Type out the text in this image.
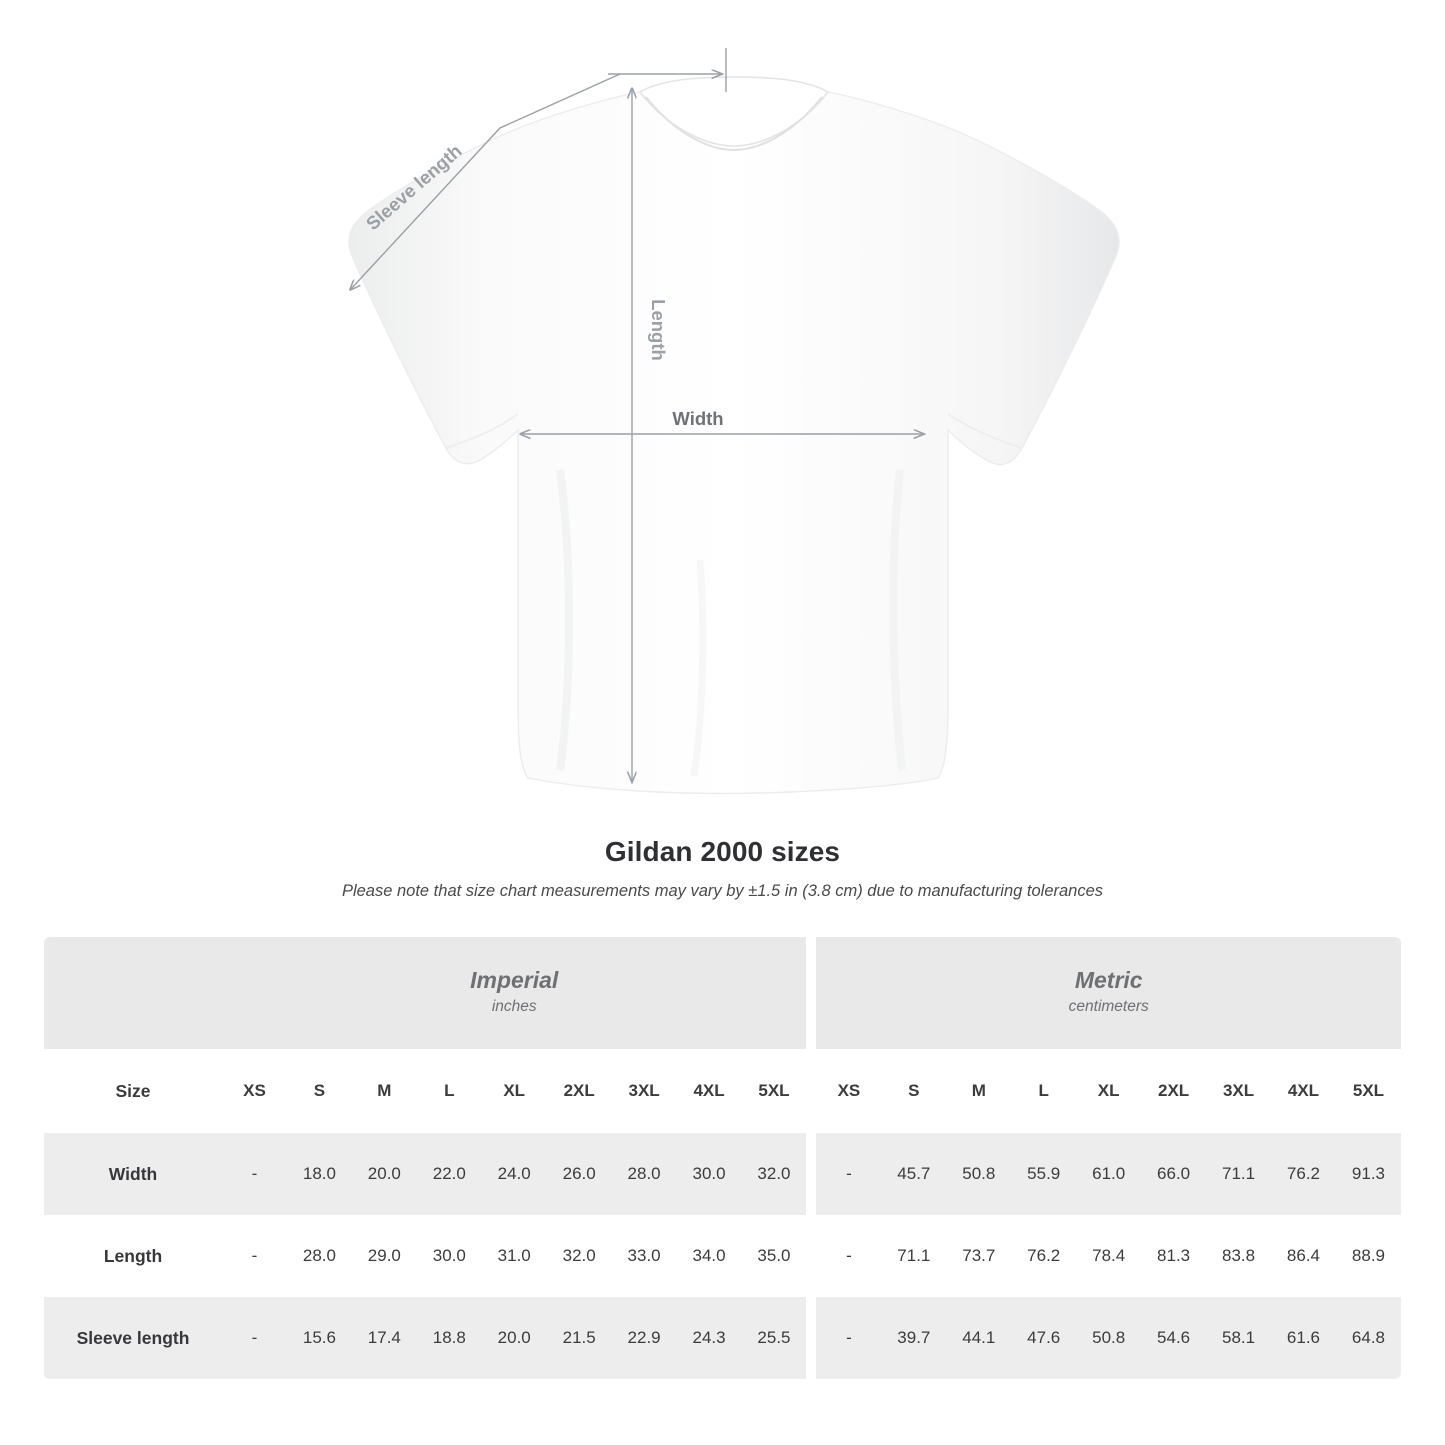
Sleeve length
Length
Width
Gildan 2000 sizes
Please note that size chart measurements may vary by ±1.5 in (3.8 cm) due to manufacturing tolerances

Imperial
inches

Metric
centimeters

Size	XS	S	M	L	XL	2XL	3XL	4XL	5XL		XS	S	M	L	XL	2XL	3XL	4XL	5XL
Width	-	18.0	20.0	22.0	24.0	26.0	28.0	30.0	32.0		-	45.7	50.8	55.9	61.0	66.0	71.1	76.2	91.3
Length	-	28.0	29.0	30.0	31.0	32.0	33.0	34.0	35.0		-	71.1	73.7	76.2	78.4	81.3	83.8	86.4	88.9
Sleeve length	-	15.6	17.4	18.8	20.0	21.5	22.9	24.3	25.5		-	39.7	44.1	47.6	50.8	54.6	58.1	61.6	64.8
